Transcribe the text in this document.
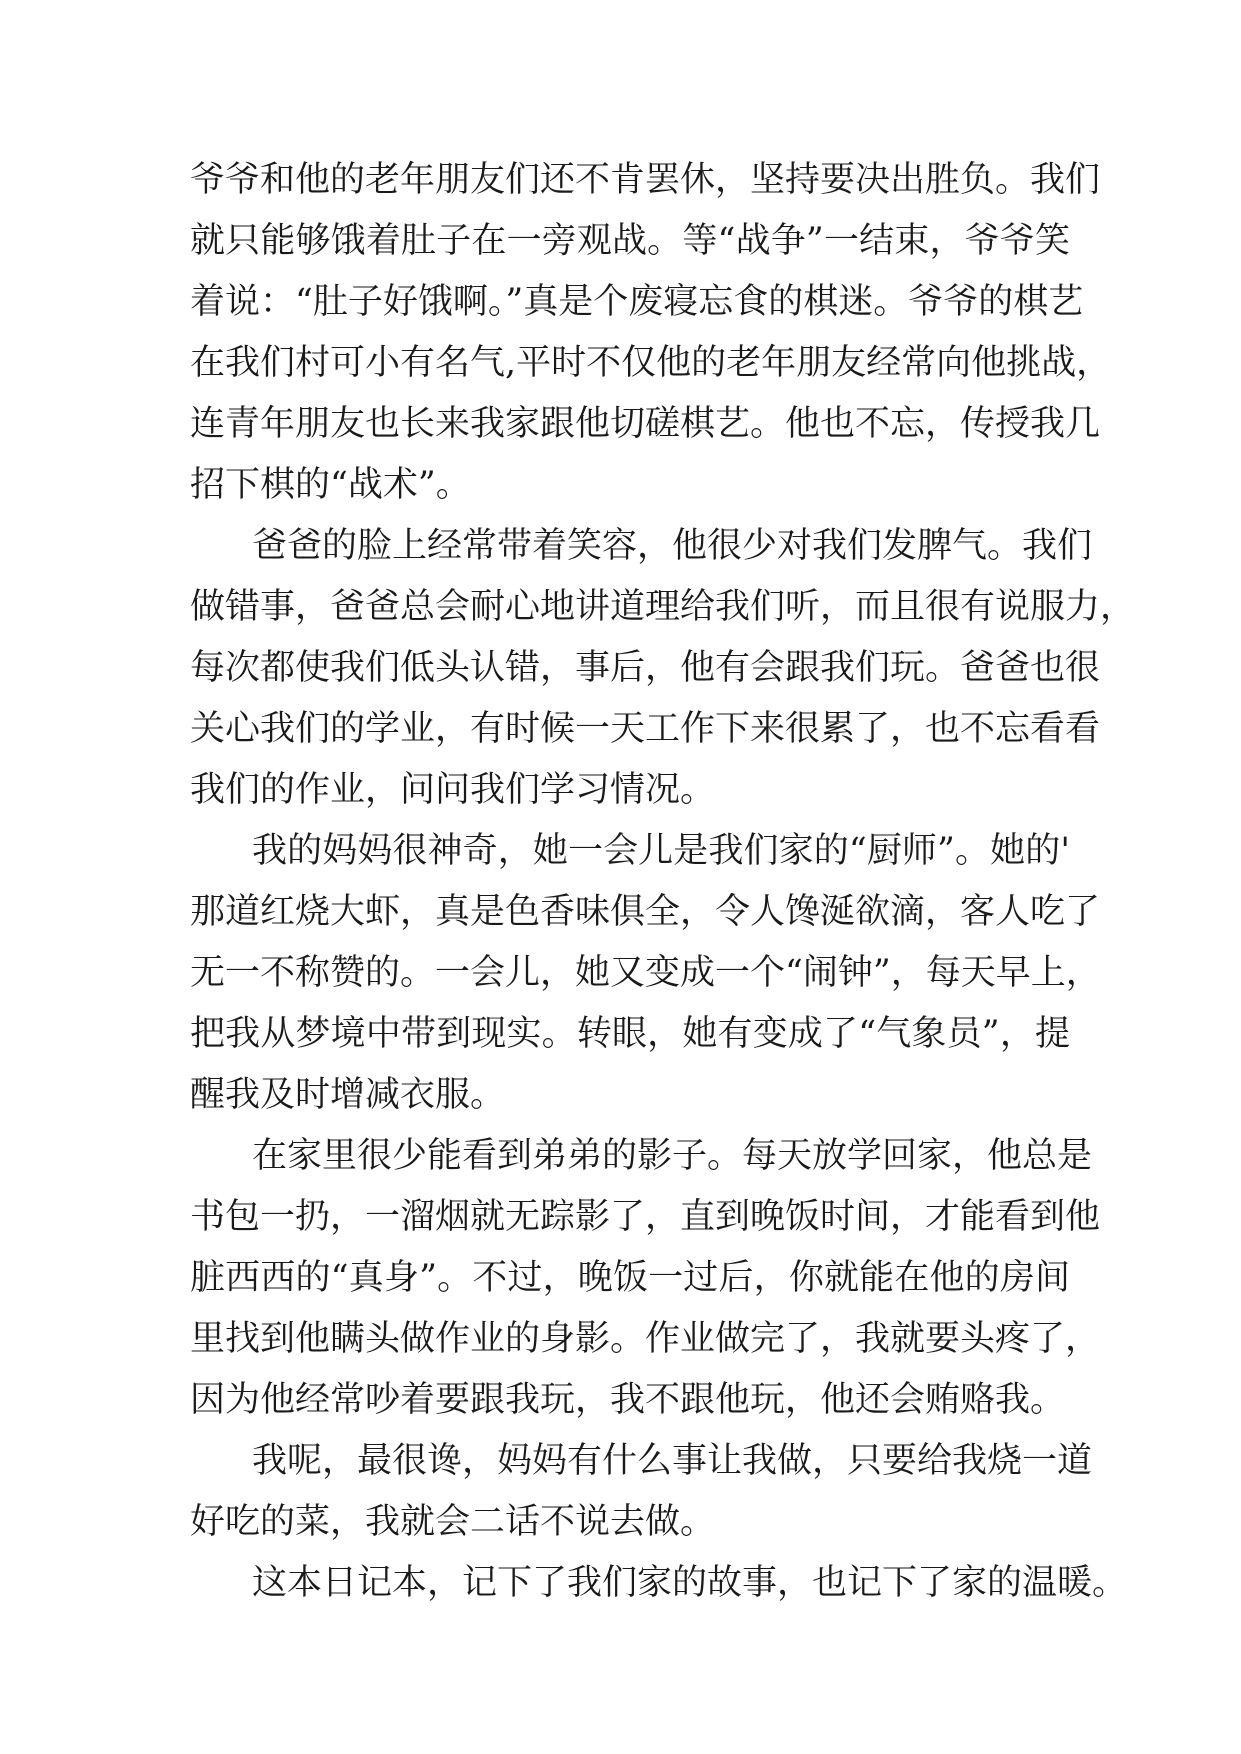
爷爷和他的老年朋友们还不肯罢休，坚持要决出胜负。我们
就只能够饿着肚子在一旁观战。等“战争”一结束，爷爷笑
着说：“肚子好饿啊。”真是个废寝忘食的棋迷。爷爷的棋艺
在我们村可小有名气,平时不仅他的老年朋友经常向他挑战，
连青年朋友也长来我家跟他切磋棋艺。他也不忘，传授我几
招下棋的“战术”。
爸爸的脸上经常带着笑容，他很少对我们发脾气。我们
做错事，爸爸总会耐心地讲道理给我们听，而且很有说服力，
每次都使我们低头认错，事后，他有会跟我们玩。爸爸也很
关心我们的学业，有时候一天工作下来很累了，也不忘看看
我们的作业，问问我们学习情况。
我的妈妈很神奇，她一会儿是我们家的“厨师”。她的'
那道红烧大虾，真是色香味俱全，令人馋涎欲滴，客人吃了
无一不称赞的。一会儿，她又变成一个“闹钟”，每天早上，
把我从梦境中带到现实。转眼，她有变成了“气象员”，提
醒我及时增减衣服。
在家里很少能看到弟弟的影子。每天放学回家，他总是
书包一扔，一溜烟就无踪影了，直到晚饭时间，才能看到他
脏西西的“真身”。不过，晚饭一过后，你就能在他的房间
里找到他瞒头做作业的身影。作业做完了，我就要头疼了，
因为他经常吵着要跟我玩，我不跟他玩，他还会贿赂我。
我呢，最很谗，妈妈有什么事让我做，只要给我烧一道
好吃的菜，我就会二话不说去做。
这本日记本，记下了我们家的故事，也记下了家的温暖。
